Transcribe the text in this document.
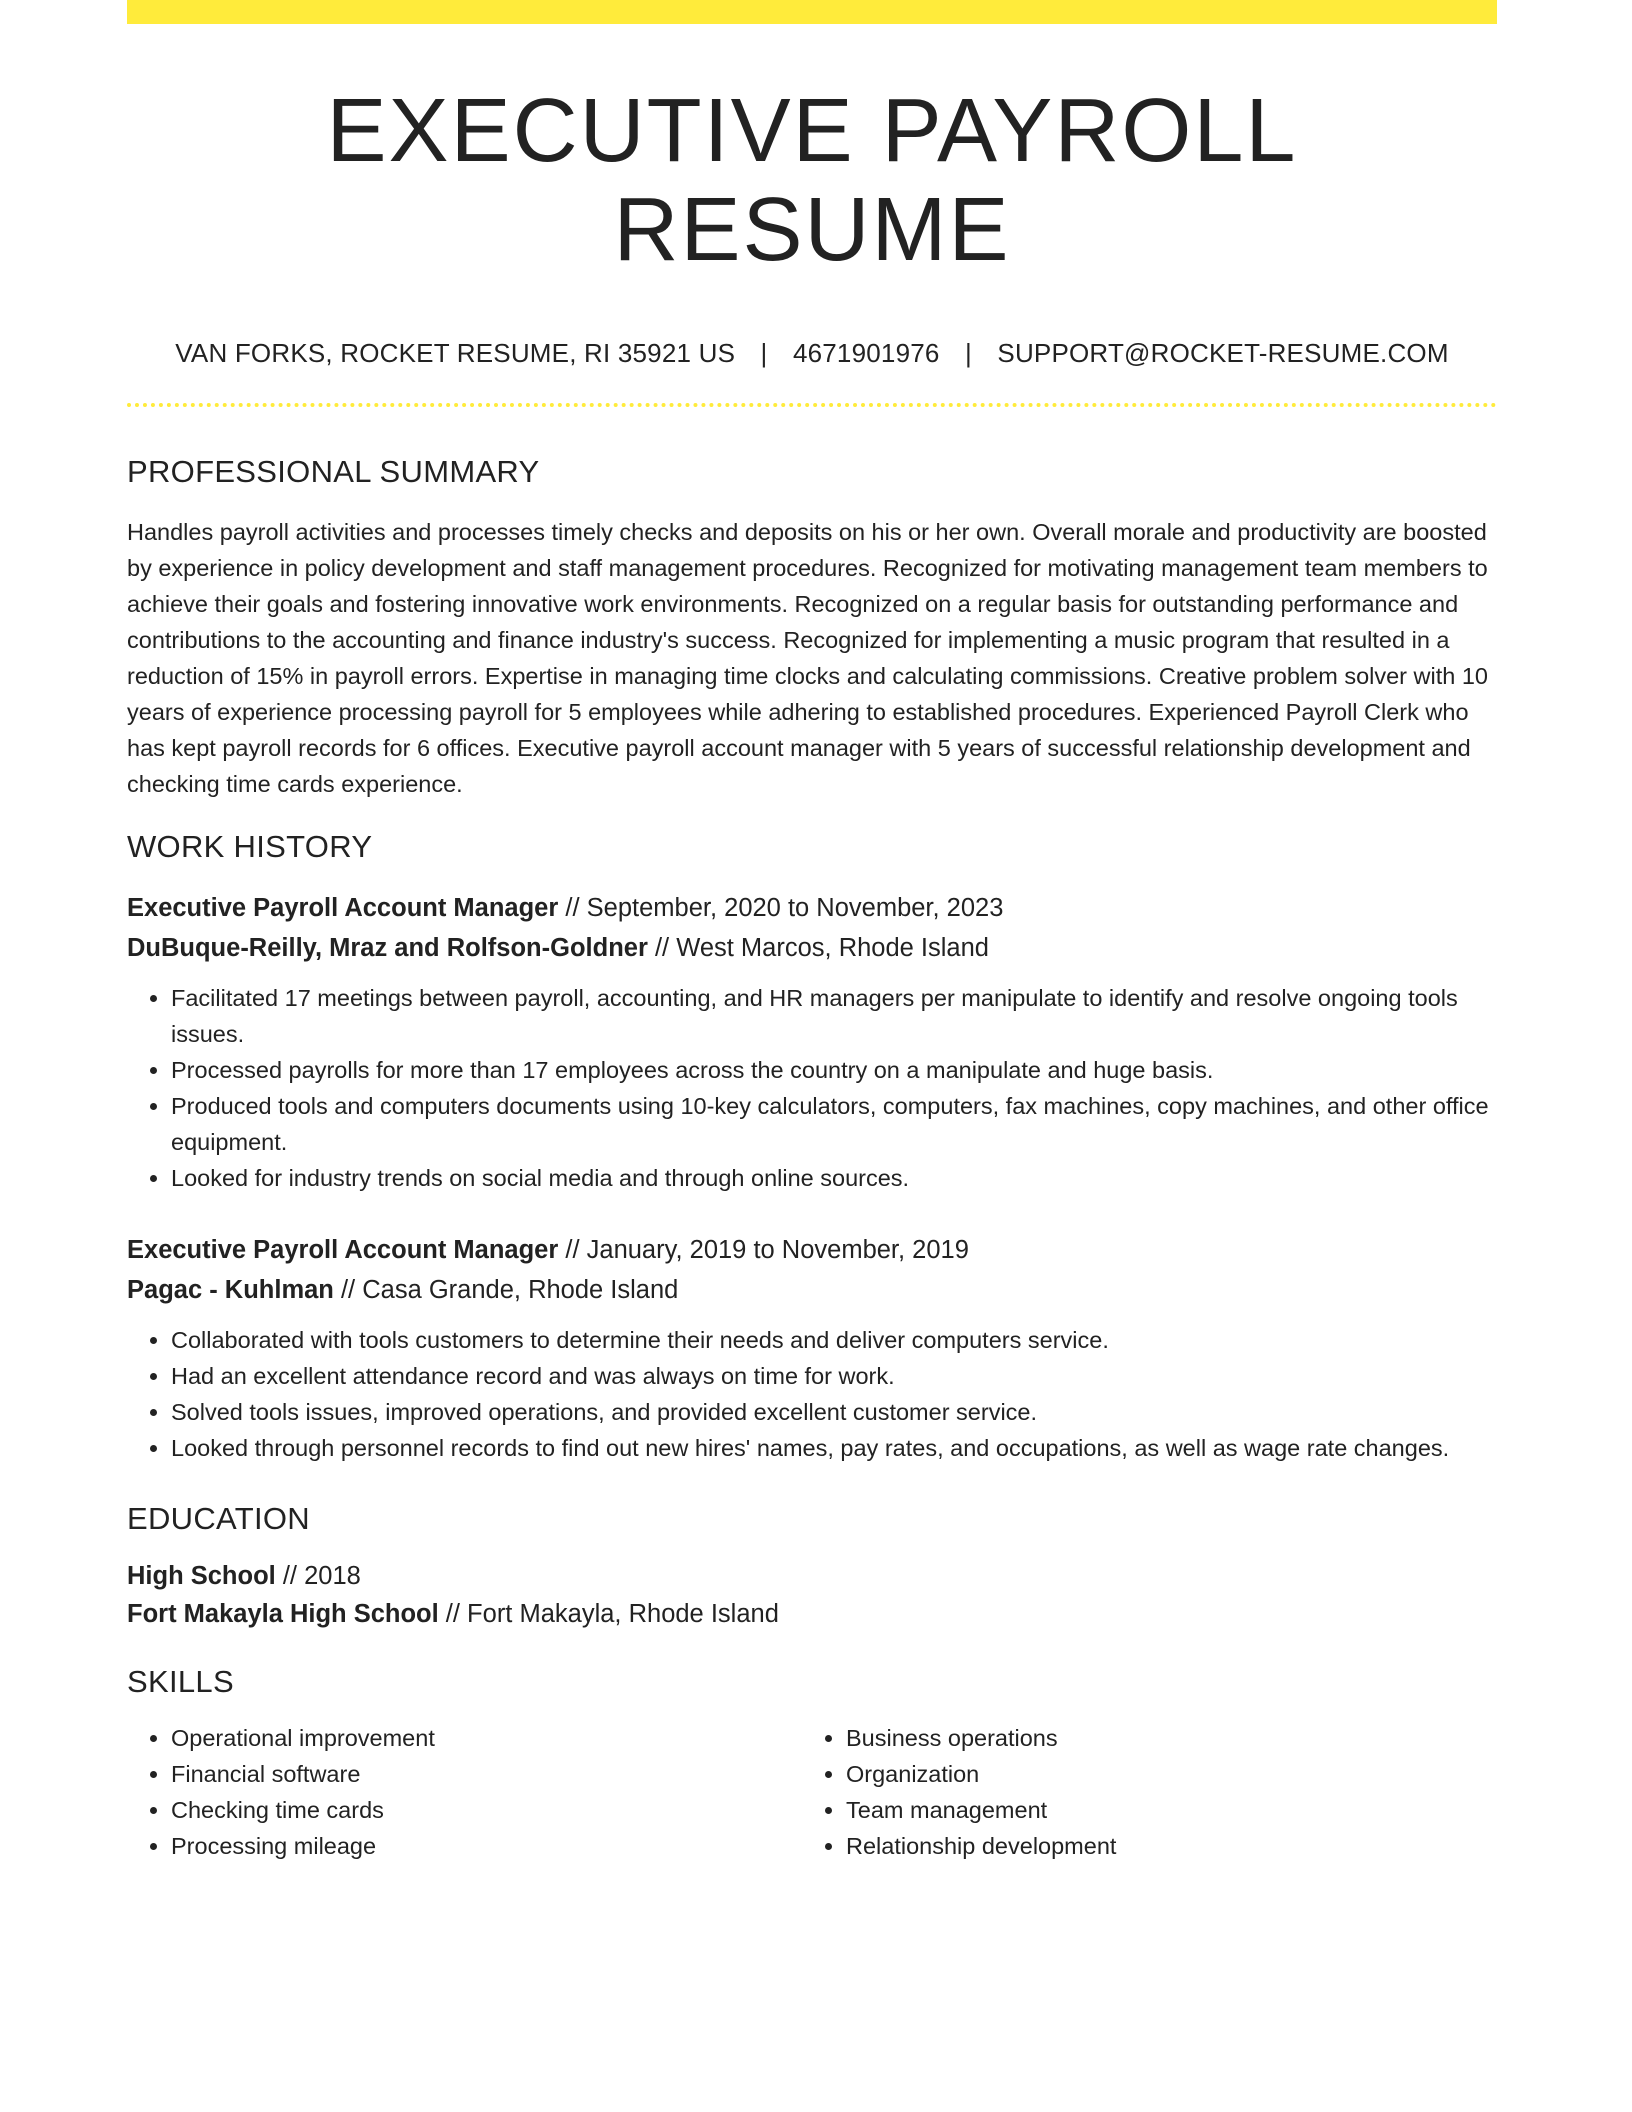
EXECUTIVE PAYROLL RESUME
VAN FORKS, ROCKET RESUME, RI 35921 US | 4671901976 | SUPPORT@ROCKET-RESUME.COM
PROFESSIONAL SUMMARY
Handles payroll activities and processes timely checks and deposits on his or her own. Overall morale and productivity are boosted by experience in policy development and staff management procedures. Recognized for motivating management team members to achieve their goals and fostering innovative work environments. Recognized on a regular basis for outstanding performance and contributions to the accounting and finance industry's success. Recognized for implementing a music program that resulted in a reduction of 15% in payroll errors. Expertise in managing time clocks and calculating commissions. Creative problem solver with 10 years of experience processing payroll for 5 employees while adhering to established procedures. Experienced Payroll Clerk who has kept payroll records for 6 offices. Executive payroll account manager with 5 years of successful relationship development and checking time cards experience.
WORK HISTORY
Executive Payroll Account Manager // September, 2020 to November, 2023
DuBuque-Reilly, Mraz and Rolfson-Goldner // West Marcos, Rhode Island
• Facilitated 17 meetings between payroll, accounting, and HR managers per manipulate to identify and resolve ongoing tools issues.
• Processed payrolls for more than 17 employees across the country on a manipulate and huge basis.
• Produced tools and computers documents using 10-key calculators, computers, fax machines, copy machines, and other office equipment.
• Looked for industry trends on social media and through online sources.
Executive Payroll Account Manager // January, 2019 to November, 2019
Pagac - Kuhlman // Casa Grande, Rhode Island
• Collaborated with tools customers to determine their needs and deliver computers service.
• Had an excellent attendance record and was always on time for work.
• Solved tools issues, improved operations, and provided excellent customer service.
• Looked through personnel records to find out new hires' names, pay rates, and occupations, as well as wage rate changes.
EDUCATION
High School // 2018
Fort Makayla High School // Fort Makayla, Rhode Island
SKILLS
• Operational improvement
• Financial software
• Checking time cards
• Processing mileage
• Business operations
• Organization
• Team management
• Relationship development
